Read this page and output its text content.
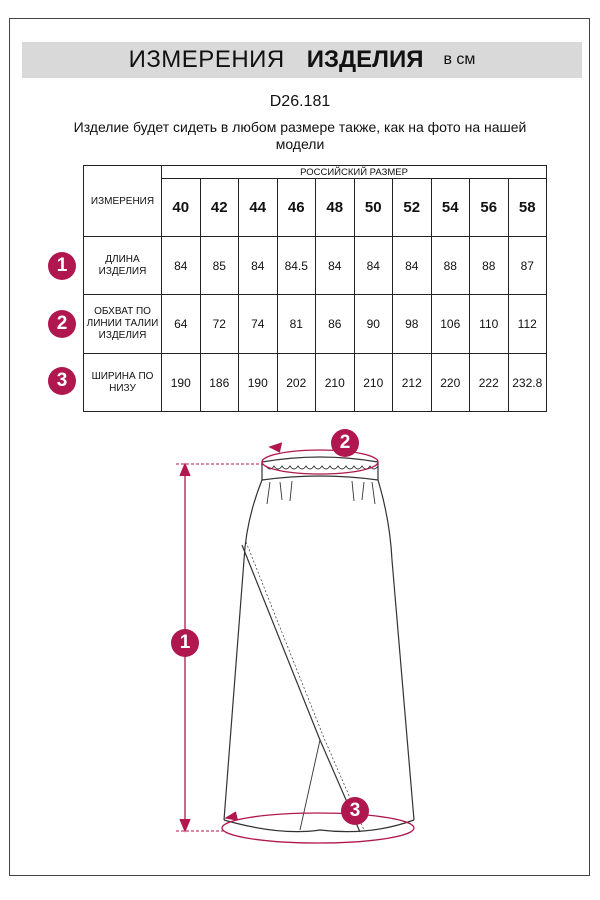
ИЗМЕРЕНИЯ ИЗДЕЛИЯ в см
D26.181
Изделие будет сидеть в любом размере также, как на фото на нашей модели
ИЗМЕРЕНИЯ	РОССИЙСКИЙ РАЗМЕР									
	40	42	44	46	48	50	52	54	56	58
ДЛИНА ИЗДЕЛИЯ	84	85	84	84.5	84	84	84	88	88	87
ОБХВАТ ПО ЛИНИИ ТАЛИИ ИЗДЕЛИЯ	64	72	74	81	86	90	98	106	110	112
ШИРИНА ПО НИЗУ	190	186	190	202	210	210	212	220	222	232.8
1
2
3
2
1
3
